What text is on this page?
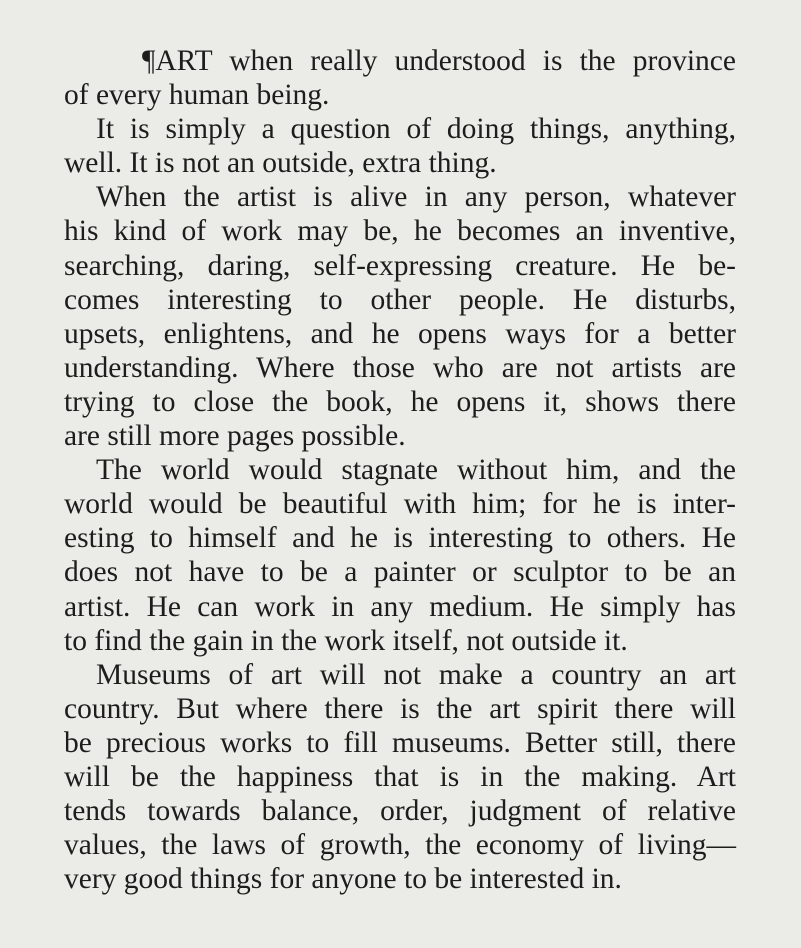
¶ART when really understood is the province
of every human being.
It is simply a question of doing things, anything,
well. It is not an outside, extra thing.
When the artist is alive in any person, whatever
his kind of work may be, he becomes an inventive,
searching, daring, self-expressing creature. He be-
comes interesting to other people. He disturbs,
upsets, enlightens, and he opens ways for a better
understanding. Where those who are not artists are
trying to close the book, he opens it, shows there
are still more pages possible.
The world would stagnate without him, and the
world would be beautiful with him; for he is inter-
esting to himself and he is interesting to others. He
does not have to be a painter or sculptor to be an
artist. He can work in any medium. He simply has
to find the gain in the work itself, not outside it.
Museums of art will not make a country an art
country. But where there is the art spirit there will
be precious works to fill museums. Better still, there
will be the happiness that is in the making. Art
tends towards balance, order, judgment of relative
values, the laws of growth, the economy of living—
very good things for anyone to be interested in.
